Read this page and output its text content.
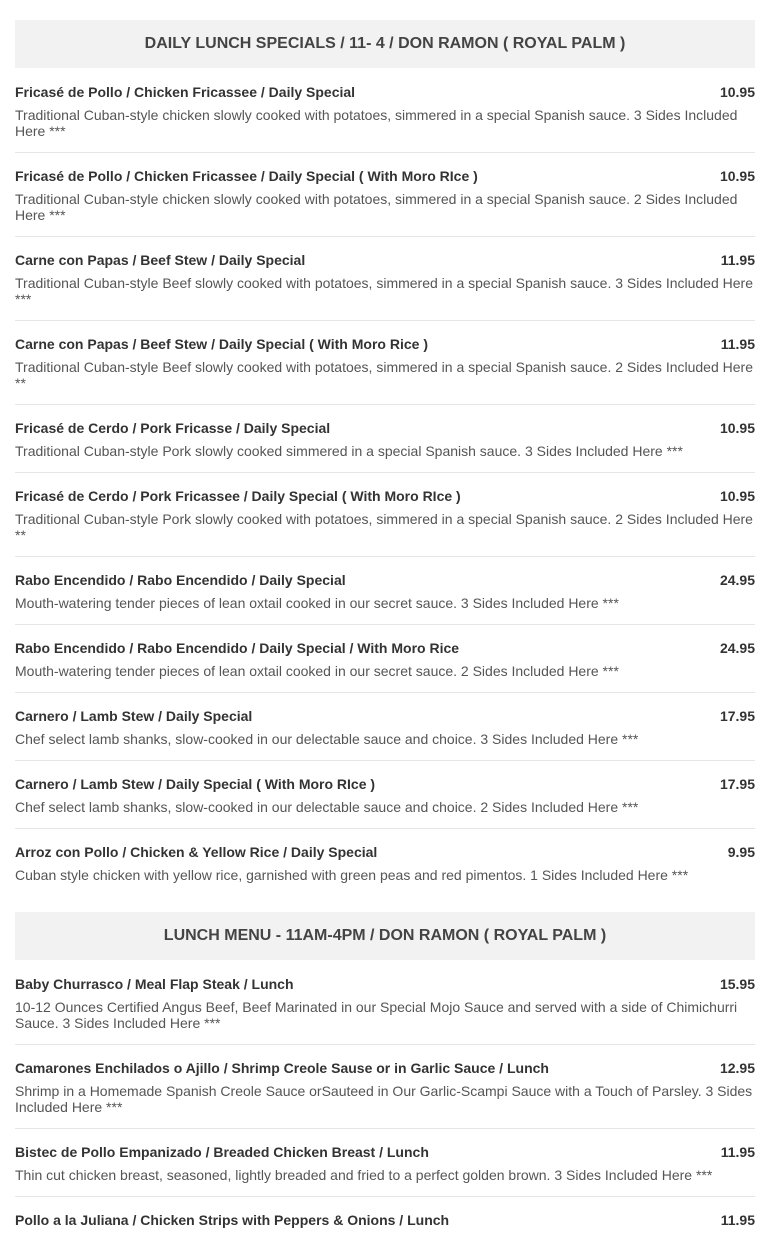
DAILY LUNCH SPECIALS / 11- 4 / DON RAMON ( ROYAL PALM )
Fricasé de Pollo / Chicken Fricassee / Daily Special	10.95
Traditional Cuban-style chicken slowly cooked with potatoes, simmered in a special Spanish sauce. 3 Sides Included Here ***
Fricasé de Pollo / Chicken Fricassee / Daily Special ( With Moro RIce )	10.95
Traditional Cuban-style chicken slowly cooked with potatoes, simmered in a special Spanish sauce. 2 Sides Included Here ***
Carne con Papas / Beef Stew / Daily Special	11.95
Traditional Cuban-style Beef slowly cooked with potatoes, simmered in a special Spanish sauce. 3 Sides Included Here ***
Carne con Papas / Beef Stew / Daily Special ( With Moro Rice )	11.95
Traditional Cuban-style Beef slowly cooked with potatoes, simmered in a special Spanish sauce. 2 Sides Included Here **
Fricasé de Cerdo / Pork Fricasse / Daily Special	10.95
Traditional Cuban-style Pork slowly cooked simmered in a special Spanish sauce. 3 Sides Included Here ***
Fricasé de Cerdo / Pork Fricassee / Daily Special ( With Moro RIce )	10.95
Traditional Cuban-style Pork slowly cooked with potatoes, simmered in a special Spanish sauce. 2 Sides Included Here **
Rabo Encendido / Rabo Encendido / Daily Special	24.95
Mouth-watering tender pieces of lean oxtail cooked in our secret sauce. 3 Sides Included Here ***
Rabo Encendido / Rabo Encendido / Daily Special / With Moro Rice	24.95
Mouth-watering tender pieces of lean oxtail cooked in our secret sauce. 2 Sides Included Here ***
Carnero / Lamb Stew / Daily Special	17.95
Chef select lamb shanks, slow-cooked in our delectable sauce and choice. 3 Sides Included Here ***
Carnero / Lamb Stew / Daily Special ( With Moro RIce )	17.95
Chef select lamb shanks, slow-cooked in our delectable sauce and choice. 2 Sides Included Here ***
Arroz con Pollo / Chicken & Yellow Rice / Daily Special	9.95
Cuban style chicken with yellow rice, garnished with green peas and red pimentos. 1 Sides Included Here ***
LUNCH MENU - 11AM-4PM / DON RAMON ( ROYAL PALM )
Baby Churrasco / Meal Flap Steak / Lunch	15.95
10-12 Ounces Certified Angus Beef, Beef Marinated in our Special Mojo Sauce and served with a side of Chimichurri Sauce. 3 Sides Included Here ***
Camarones Enchilados o Ajillo / Shrimp Creole Sause or in Garlic Sauce / Lunch	12.95
Shrimp in a Homemade Spanish Creole Sauce orSauteed in Our Garlic-Scampi Sauce with a Touch of Parsley. 3 Sides Included Here ***
Bistec de Pollo Empanizado / Breaded Chicken Breast / Lunch	11.95
Thin cut chicken breast, seasoned, lightly breaded and fried to a perfect golden brown. 3 Sides Included Here ***
Pollo a la Juliana / Chicken Strips with Peppers & Onions / Lunch	11.95
